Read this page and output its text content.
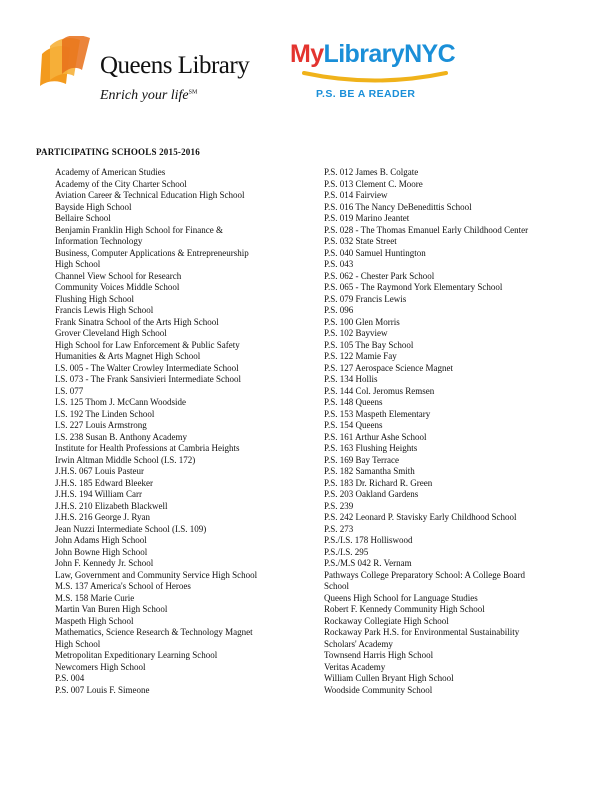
Queens Library
Enrich your life℠
MyLibraryNYC
P.S. BE A READER
PARTICIPATING SCHOOLS 2015-2016
Academy of American Studies
Academy of the City Charter School
Aviation Career & Technical Education High School
Bayside High School
Bellaire School
Benjamin Franklin High School for Finance &
Information Technology
Business, Computer Applications & Entrepreneurship
High School
Channel View School for Research
Community Voices Middle School
Flushing High School
Francis Lewis High School
Frank Sinatra School of the Arts High School
Grover Cleveland High School
High School for Law Enforcement & Public Safety
Humanities & Arts Magnet High School
I.S. 005 - The Walter Crowley Intermediate School
I.S. 073 - The Frank Sansivieri Intermediate School
I.S. 077
I.S. 125 Thom J. McCann Woodside
I.S. 192 The Linden School
I.S. 227 Louis Armstrong
I.S. 238 Susan B. Anthony Academy
Institute for Health Professions at Cambria Heights
Irwin Altman Middle School (I.S. 172)
J.H.S. 067 Louis Pasteur
J.H.S. 185 Edward Bleeker
J.H.S. 194 William Carr
J.H.S. 210 Elizabeth Blackwell
J.H.S. 216 George J. Ryan
Jean Nuzzi Intermediate School (I.S. 109)
John Adams High School
John Bowne High School
John F. Kennedy Jr. School
Law, Government and Community Service High School
M.S. 137 America's School of Heroes
M.S. 158 Marie Curie
Martin Van Buren High School
Maspeth High School
Mathematics, Science Research & Technology Magnet
High School
Metropolitan Expeditionary Learning School
Newcomers High School
P.S. 004
P.S. 007 Louis F. Simeone
P.S. 012 James B. Colgate
P.S. 013 Clement C. Moore
P.S. 014 Fairview
P.S. 016 The Nancy DeBenedittis School
P.S. 019 Marino Jeantet
P.S. 028 - The Thomas Emanuel Early Childhood Center
P.S. 032 State Street
P.S. 040 Samuel Huntington
P.S. 043
P.S. 062 - Chester Park School
P.S. 065 - The Raymond York Elementary School
P.S. 079 Francis Lewis
P.S. 096
P.S. 100 Glen Morris
P.S. 102 Bayview
P.S. 105 The Bay School
P.S. 122 Mamie Fay
P.S. 127 Aerospace Science Magnet
P.S. 134 Hollis
P.S. 144 Col. Jeromus Remsen
P.S. 148 Queens
P.S. 153 Maspeth Elementary
P.S. 154 Queens
P.S. 161 Arthur Ashe School
P.S. 163 Flushing Heights
P.S. 169 Bay Terrace
P.S. 182 Samantha Smith
P.S. 183 Dr. Richard R. Green
P.S. 203 Oakland Gardens
P.S. 239
P.S. 242 Leonard P. Stavisky Early Childhood School
P.S. 273
P.S./I.S. 178 Holliswood
P.S./I.S. 295
P.S./M.S 042 R. Vernam
Pathways College Preparatory School: A College Board
School
Queens High School for Language Studies
Robert F. Kennedy Community High School
Rockaway Collegiate High School
Rockaway Park H.S. for Environmental Sustainability
Scholars' Academy
Townsend Harris High School
Veritas Academy
William Cullen Bryant High School
Woodside Community School
